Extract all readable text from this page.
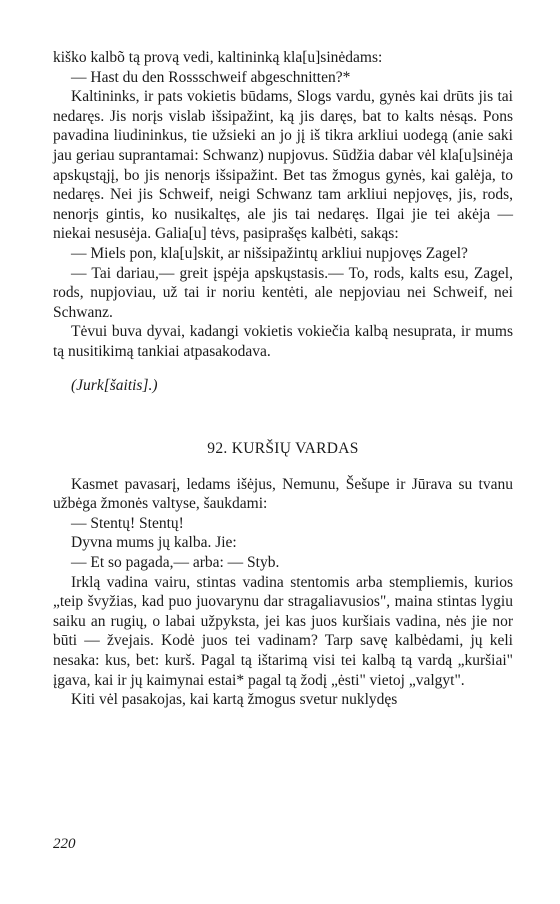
kiško kalbõ tą provą vedi, kaltininką kla[u]sinėdams:

— Hast du den Rossschweif abgeschnitten?*

Kaltininks, ir pats vokietis būdams, Slogs vardu, gynės kai drūts jis tai nedaręs. Jis norįs vislab išsipažint, ką jis daręs, bat to kalts nėsąs. Pons pavadina liudininkus, tie užsieki an jo jį iš tikra arkliui uodegą (anie saki jau geriau suprantamai: Schwanz) nupjovus. Sūdžia dabar vėl kla[u]sinėja apskųstąjį, bo jis nenorįs išsipažint. Bet tas žmogus gynės, kai galėja, to nedaręs. Nei jis Schweif, neigi Schwanz tam arkliui nepjovęs, jis, rods, nenorįs gintis, ko nusikaltęs, ale jis tai nedaręs. Ilgai jie tei akėja — niekai nesusėja. Galia[u] tėvs, pasiprašęs kalbėti, sakąs:

— Miels pon, kla[u]skit, ar nišsipažintų arkliui nupjovęs Zagel?

— Tai dariau,— greit įspėja apskųstasis.— To, rods, kalts esu, Zagel, rods, nupjoviau, už tai ir noriu kentėti, ale nepjoviau nei Schweif, nei Schwanz.

Tėvui buva dyvai, kadangi vokietis vokiečia kalbą nesuprata, ir mums tą nusitikimą tankiai atpasakodava.

(Jurk[šaitis].)

92. KURŠIŲ VARDAS

Kasmet pavasarį, ledams išėjus, Nemunu, Šešupe ir Jūrava su tvanu užbėga žmonės valtyse, šaukdami:

— Stentų! Stentų!

Dyvna mums jų kalba. Jie:

— Et so pagada,— arba: — Styb.

Irklą vadina vairu, stintas vadina stentomis arba stempliemis, kurios „teip švyžias, kad puo juovarynu dar stragaliavusios", maina stintas lygiu saiku an rugių, o labai užpyksta, jei kas juos kuršiais vadina, nės jie nor būti — žvejais. Kodė juos tei vadinam? Tarp savę kalbėdami, jų keli nesaka: kus, bet: kurš. Pagal tą ištarimą visi tei kalbą tą vardą „kuršiai" įgava, kai ir jų kaimynai estai* pagal tą žodį „ėsti" vietoj „valgyt".

Kiti vėl pasakojas, kai kartą žmogus svetur nuklydęs

220
